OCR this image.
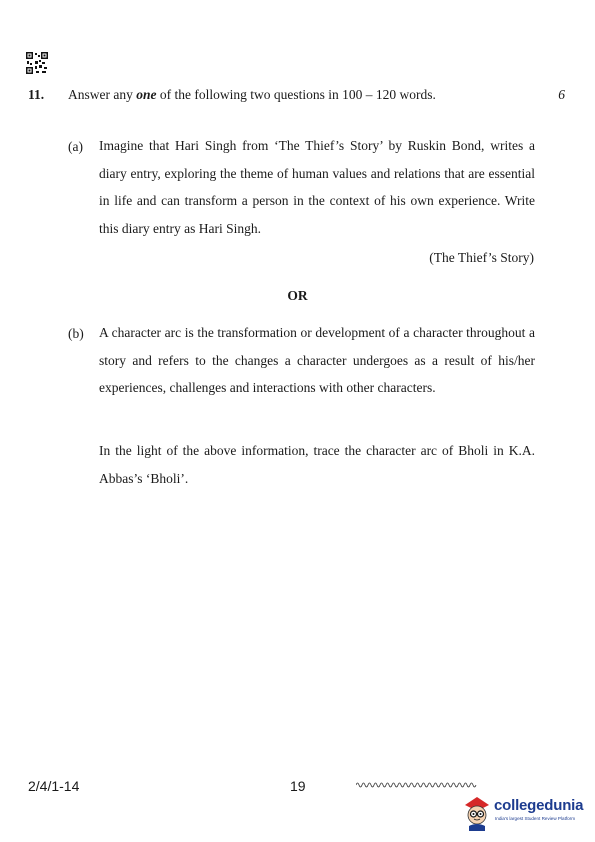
11. Answer any one of the following two questions in 100 – 120 words.	6
(a) Imagine that Hari Singh from ‘The Thief’s Story’ by Ruskin Bond, writes a diary entry, exploring the theme of human values and relations that are essential in life and can transform a person in the context of his own experience. Write this diary entry as Hari Singh.
(The Thief’s Story)
OR
(b) A character arc is the transformation or development of a character throughout a story and refers to the changes a character undergoes as a result of his/her experiences, challenges and interactions with other characters.
In the light of the above information, trace the character arc of Bholi in K.A. Abbas’s ‘Bholi’.
2/4/1-14	19
collegedunia
India's largest Student Review Platform
